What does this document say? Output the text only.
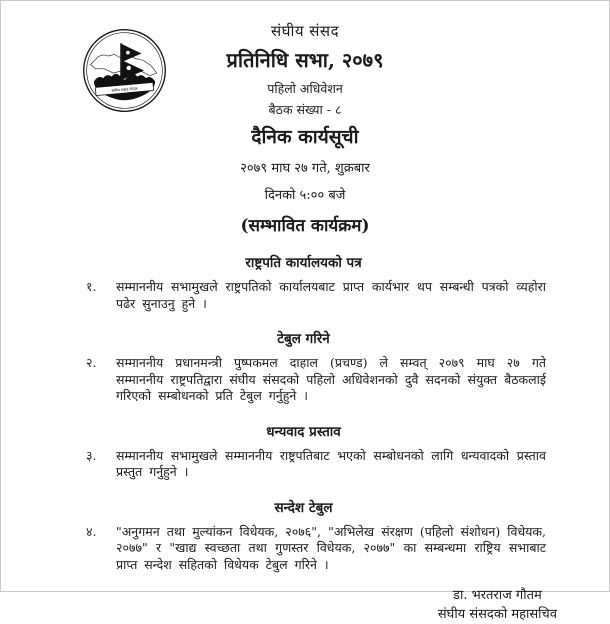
संघीय संसद नेपाल
संघीय संसद
प्रतिनिधि सभा, २०७९
पहिलो अधिवेशन
बैठक संख्या - ८
दैनिक कार्यसूची
२०७९ माघ २७ गते, शुक्रबार
दिनको ५:०० बजे
(सम्भावित कार्यक्रम)
राष्ट्रपति कार्यालयको पत्र
१.	सम्माननीय सभामुखले राष्ट्रपतिको कार्यालयबाट प्राप्त कार्यभार थप सम्बन्धी पत्रको व्यहोरा पढेर सुनाउनु हुने ।
टेबुल गरिने
२.	सम्माननीय प्रधानमन्त्री पुष्पकमल दाहाल (प्रचण्ड) ले सम्वत् २०७९ माघ २७ गते सम्माननीय राष्ट्रपतिद्वारा संघीय संसदको पहिलो अधिवेशनको दुवै सदनको संयुक्त बैठकलाई गरिएको सम्बोधनको प्रति टेबुल गर्नुहुने ।
धन्यवाद प्रस्ताव
३.	सम्माननीय सभामुखले सम्माननीय राष्ट्रपतिबाट भएको सम्बोधनको लागि धन्यवादको प्रस्ताव प्रस्तुत गर्नुहुने ।
सन्देश टेबुल
४.	"अनुगमन तथा मुल्यांकन विधेयक, २०७६", "अभिलेख संरक्षण (पहिलो संशोधन) विधेयक, २०७७" र "खाद्य स्वच्छता तथा गुणस्तर विधेयक, २०७७" का सम्बन्धमा राष्ट्रिय सभाबाट प्राप्त सन्देश सहितको विधेयक टेबुल गरिने ।
डा. भरतराज गौतम
संघीय संसदको महासचिव
